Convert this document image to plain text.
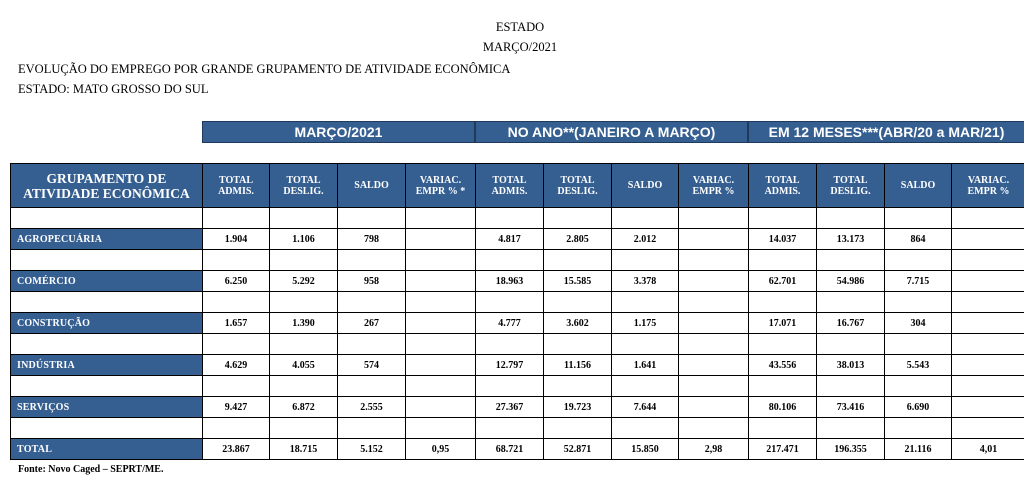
ESTADO
MARÇO/2021
EVOLUÇÃO DO EMPREGO POR GRANDE GRUPAMENTO DE ATIVIDADE ECONÔMICA
ESTADO: MATO GROSSO DO SUL
MARÇO/2021	NO ANO**(JANEIRO A MARÇO)	EM 12 MESES***(ABR/20 a MAR/21)
GRUPAMENTO DE ATIVIDADE ECONÔMICA	TOTAL ADMIS.	TOTAL DESLIG.	SALDO	VARIAC. EMPR % *	TOTAL ADMIS.	TOTAL DESLIG.	SALDO	VARIAC. EMPR %	TOTAL ADMIS.	TOTAL DESLIG.	SALDO	VARIAC. EMPR %

AGROPECUÁRIA	1.904	1.106	798		4.817	2.805	2.012		14.037	13.173	864	

COMÉRCIO	6.250	5.292	958		18.963	15.585	3.378		62.701	54.986	7.715	

CONSTRUÇÃO	1.657	1.390	267		4.777	3.602	1.175		17.071	16.767	304	

INDÚSTRIA	4.629	4.055	574		12.797	11.156	1.641		43.556	38.013	5.543	

SERVIÇOS	9.427	6.872	2.555		27.367	19.723	7.644		80.106	73.416	6.690	

TOTAL	23.867	18.715	5.152	0,95	68.721	52.871	15.850	2,98	217.471	196.355	21.116	4,01
Fonte: Novo Caged – SEPRT/ME.
